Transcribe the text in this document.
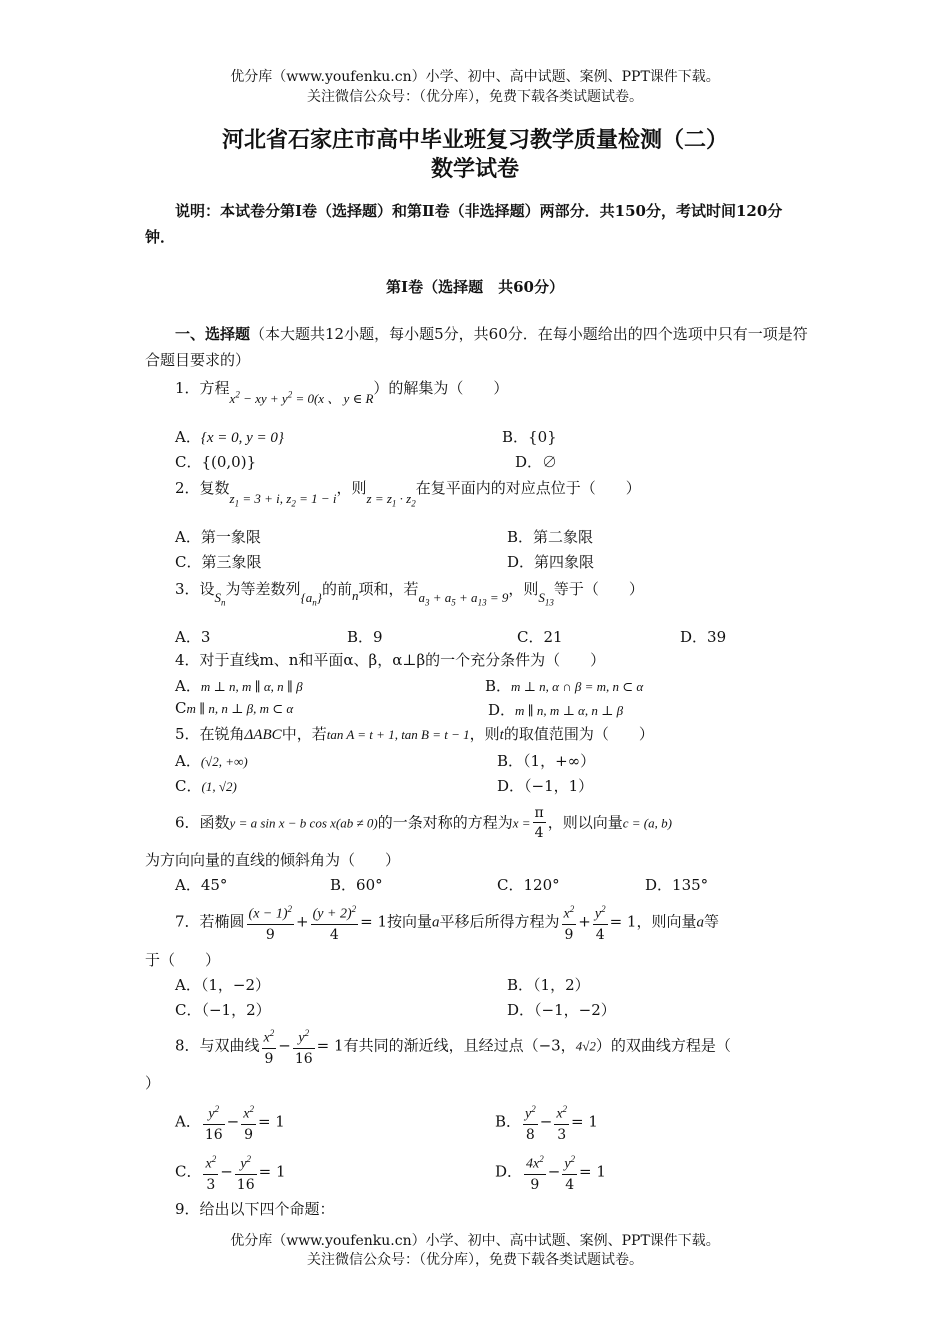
优分库（www.youfenku.cn）小学、初中、高中试题、案例、PPT课件下载。
关注微信公众号：（优分库），免费下载各类试题试卷。
河北省石家庄市高中毕业班复习教学质量检测（二）
数学试卷
说明：本试卷分第Ⅰ卷（选择题）和第Ⅱ卷（非选择题）两部分．共150分，考试时间120分钟．
第Ⅰ卷（选择题　共60分）
一、选择题（本大题共12小题，每小题5分，共60分．在每小题给出的四个选项中只有一项是符合题目要求的）
1．方程$x^2$ − xy + $y^2 = 0(x$ 、 y ∈ R）的解集为（　　）
A．{x = 0, y = 0}	B．{0}
C．{(0,0)}	D．∅
2．复数$z_1 = 3 + i$, $z_2 = 1 - i$，则$z = z_1 \cdot z_2$在复平面内的对应点位于（　　）
A．第一象限	B．第二象限
C．第三象限	D．第四象限
3．设$S_n$为等差数列$\{a_n\}$的前n项和，若$a_3 + a_5 + a_{13} = 9$，则$S_{13}$等于（　　）
A．3	B．9	C．21	D．39
4．对于直线m、n和平面α、β，α⊥β的一个充分条件为（　　）
A．m ⊥ n, m ∥ α, n ∥ β	B．m ⊥ n, α ∩ β = m, n ⊂ α
Cm ∥ n, n ⊥ β, m ⊂ α	D．m ∥ n, m ⊥ α, n ⊥ β
5．在锐角ΔABC中，若tan A = t + 1, tan B = t − 1，则t的取值范围为（　　）
A．(√2, +∞)	B．（1，+∞）
C．(1, √2)	D．（−1，1）
6．函数y = a sin x − b cos x(ab ≠ 0)的一条对称的方程为$x = \frac{\pi}{4}$ ，则以向量c = (a, b)
为方向向量的直线的倾斜角为（　　）
A．45°	B．60°	C．120°	D．135°
7．若椭圆 $\frac{(x - 1)^2}{9} + \frac{(y + 2)^2}{4} = 1$按向量a平移后所得方程为 $\frac{x^2}{9} + \frac{y^2}{4} = 1$，则向量a等
于（　　）
A．（1，−2）	B．（1，2）
C．（−1，2）	D．（−1，−2）
8．与双曲线 $\frac{x^2}{9} - \frac{y^2}{16} = 1$有共同的渐近线，且经过点（−3，4√2）的双曲线方程是（
）
A． $\frac{y^2}{16} - \frac{x^2}{9} = 1$	B． $\frac{y^2}{8} - \frac{x^2}{3} = 1$
C． $\frac{x^2}{3} - \frac{y^2}{16} = 1$	D． $\frac{4x^2}{9} - \frac{y^2}{4} = 1$
9．给出以下四个命题：
优分库（www.youfenku.cn）小学、初中、高中试题、案例、PPT课件下载。
关注微信公众号：（优分库），免费下载各类试题试卷。
